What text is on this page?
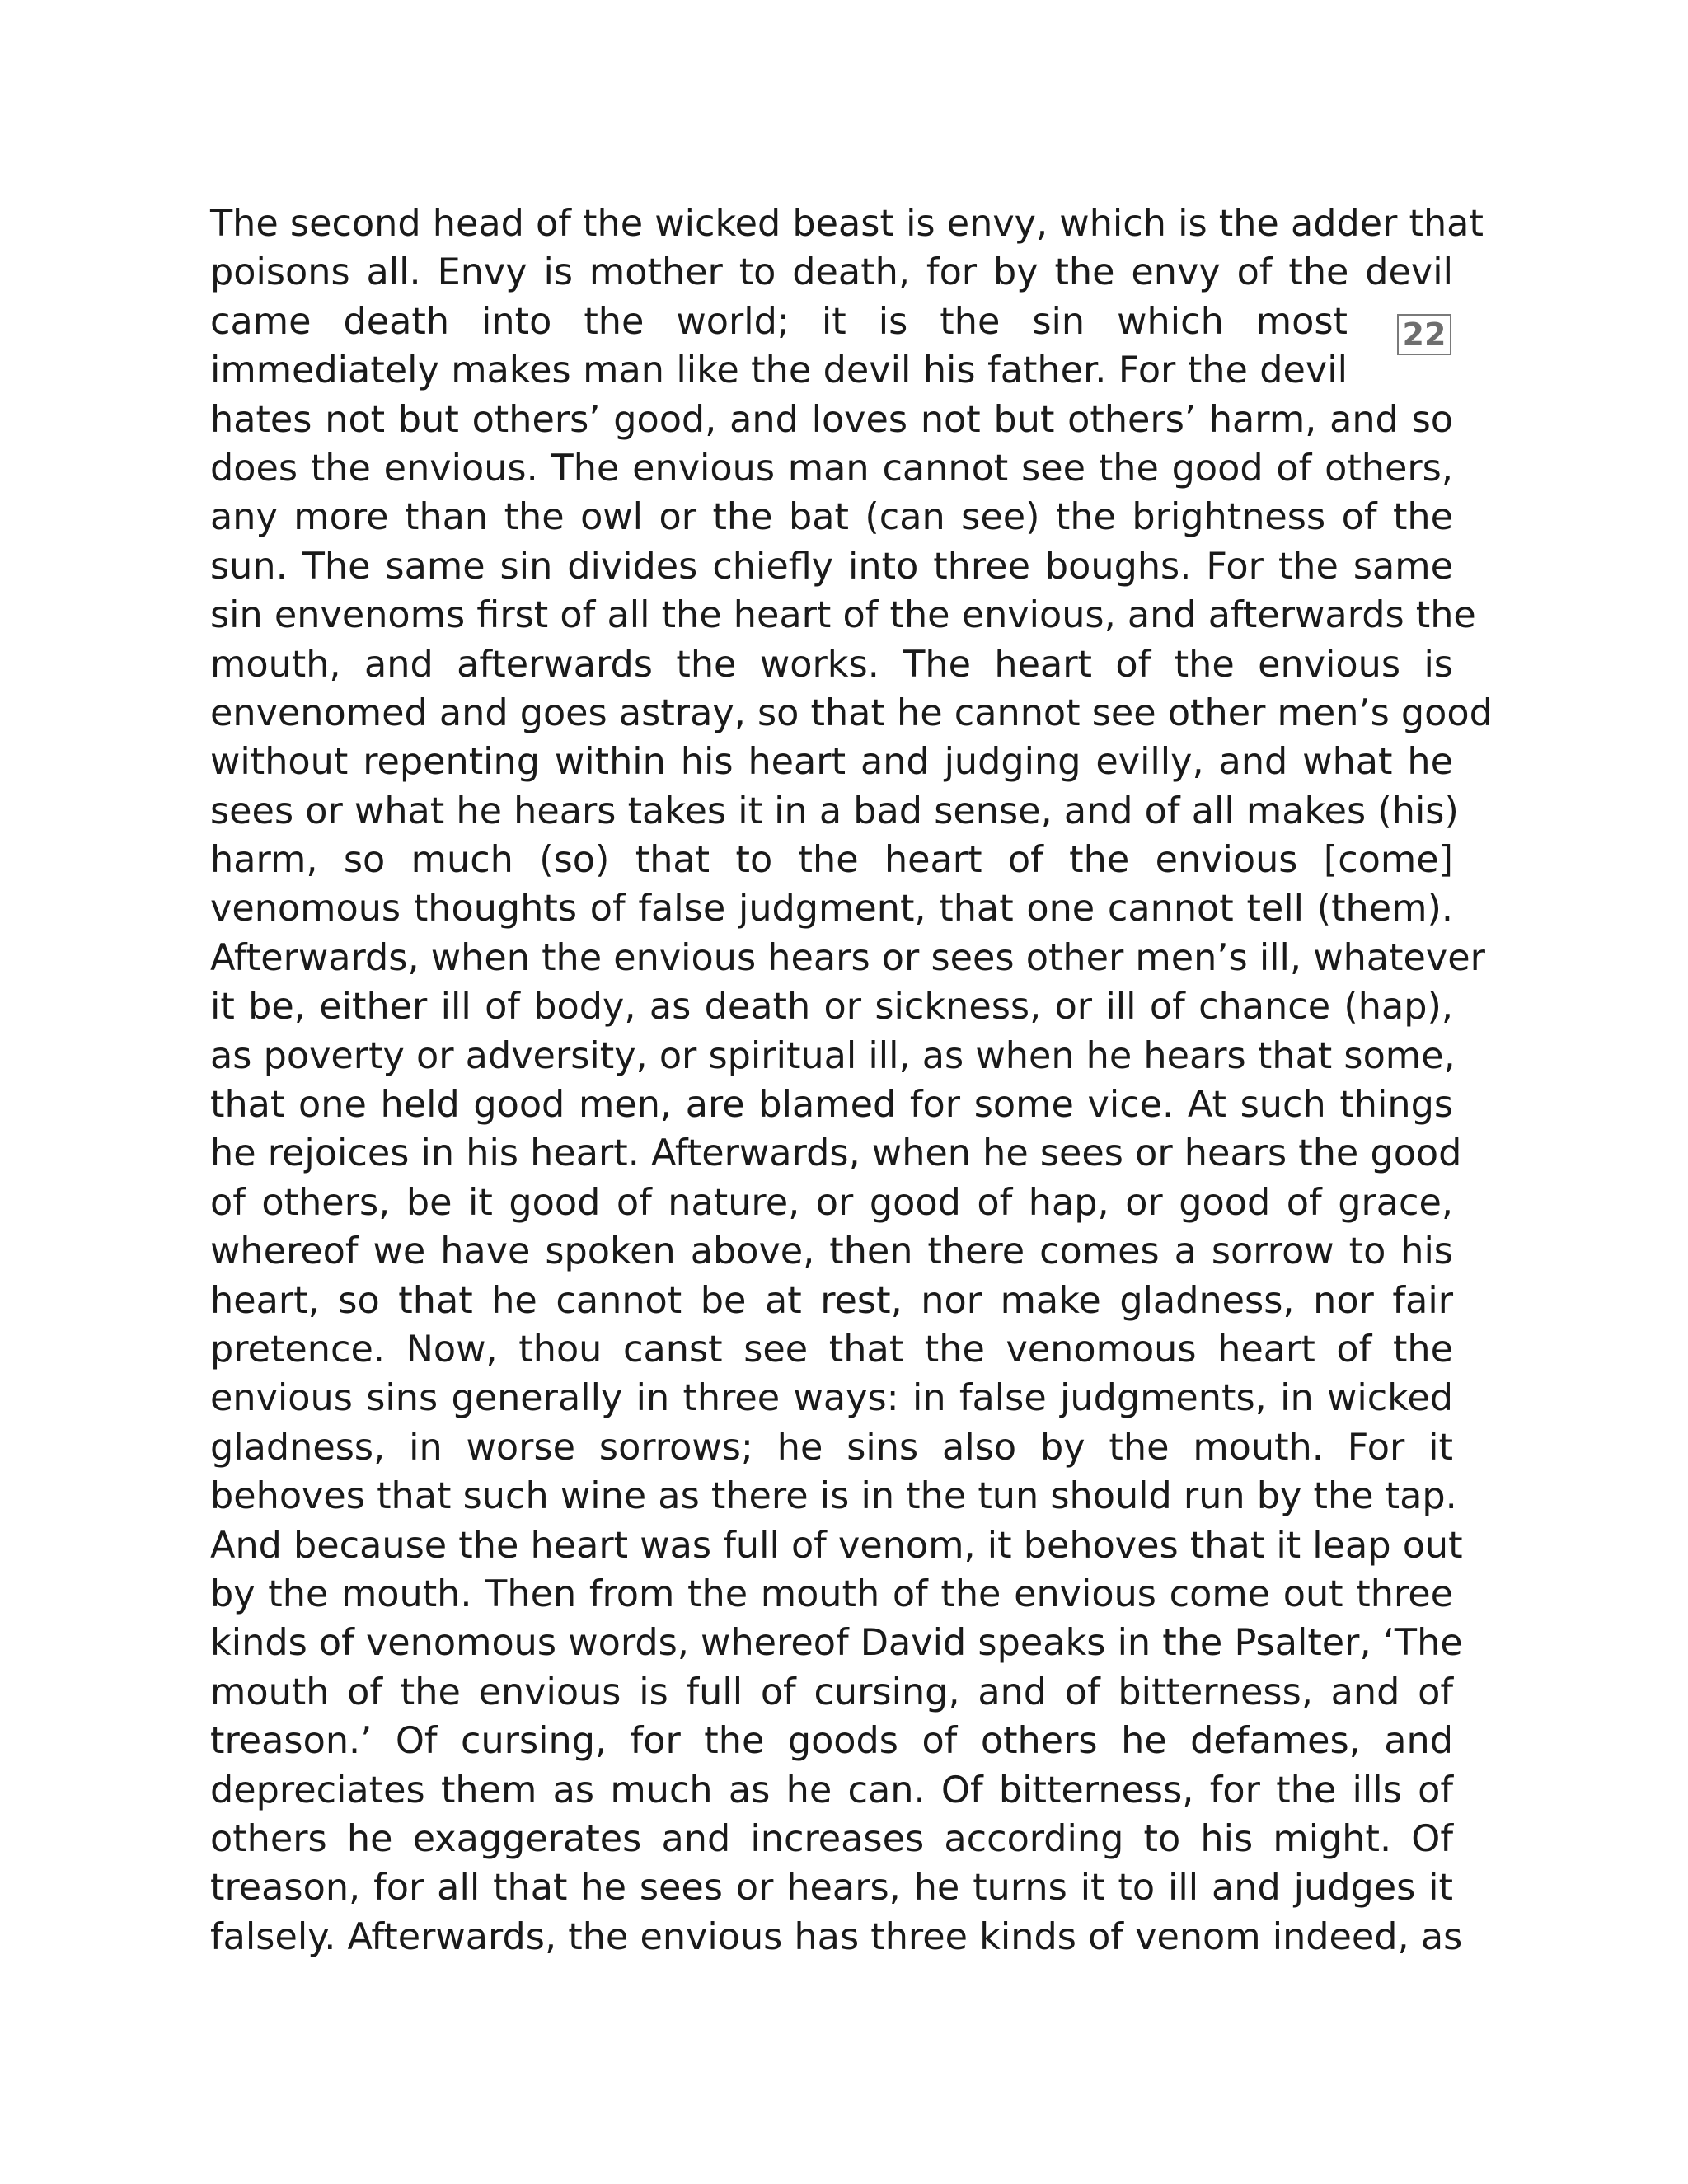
The second head of the wicked beast is envy, which is the adder that
poisons all. Envy is mother to death, for by the envy of the devil
came death into the world; it is the sin which most
immediately makes man like the devil his father. For the devil
hates not but others’ good, and loves not but others’ harm, and so
does the envious. The envious man cannot see the good of others,
any more than the owl or the bat (can see) the brightness of the
sun. The same sin divides chiefly into three boughs. For the same
sin envenoms first of all the heart of the envious, and afterwards the
mouth, and afterwards the works. The heart of the envious is
envenomed and goes astray, so that he cannot see other men’s good
without repenting within his heart and judging evilly, and what he
sees or what he hears takes it in a bad sense, and of all makes (his)
harm, so much (so) that to the heart of the envious [come]
venomous thoughts of false judgment, that one cannot tell (them).
Afterwards, when the envious hears or sees other men’s ill, whatever
it be, either ill of body, as death or sickness, or ill of chance (hap),
as poverty or adversity, or spiritual ill, as when he hears that some,
that one held good men, are blamed for some vice. At such things
he rejoices in his heart. Afterwards, when he sees or hears the good
of others, be it good of nature, or good of hap, or good of grace,
whereof we have spoken above, then there comes a sorrow to his
heart, so that he cannot be at rest, nor make gladness, nor fair
pretence. Now, thou canst see that the venomous heart of the
envious sins generally in three ways: in false judgments, in wicked
gladness, in worse sorrows; he sins also by the mouth. For it
behoves that such wine as there is in the tun should run by the tap.
And because the heart was full of venom, it behoves that it leap out
by the mouth. Then from the mouth of the envious come out three
kinds of venomous words, whereof David speaks in the Psalter, ‘The
mouth of the envious is full of cursing, and of bitterness, and of
treason.’ Of cursing, for the goods of others he defames, and
depreciates them as much as he can. Of bitterness, for the ills of
others he exaggerates and increases according to his might. Of
treason, for all that he sees or hears, he turns it to ill and judges it
falsely. Afterwards, the envious has three kinds of venom indeed, as
22
